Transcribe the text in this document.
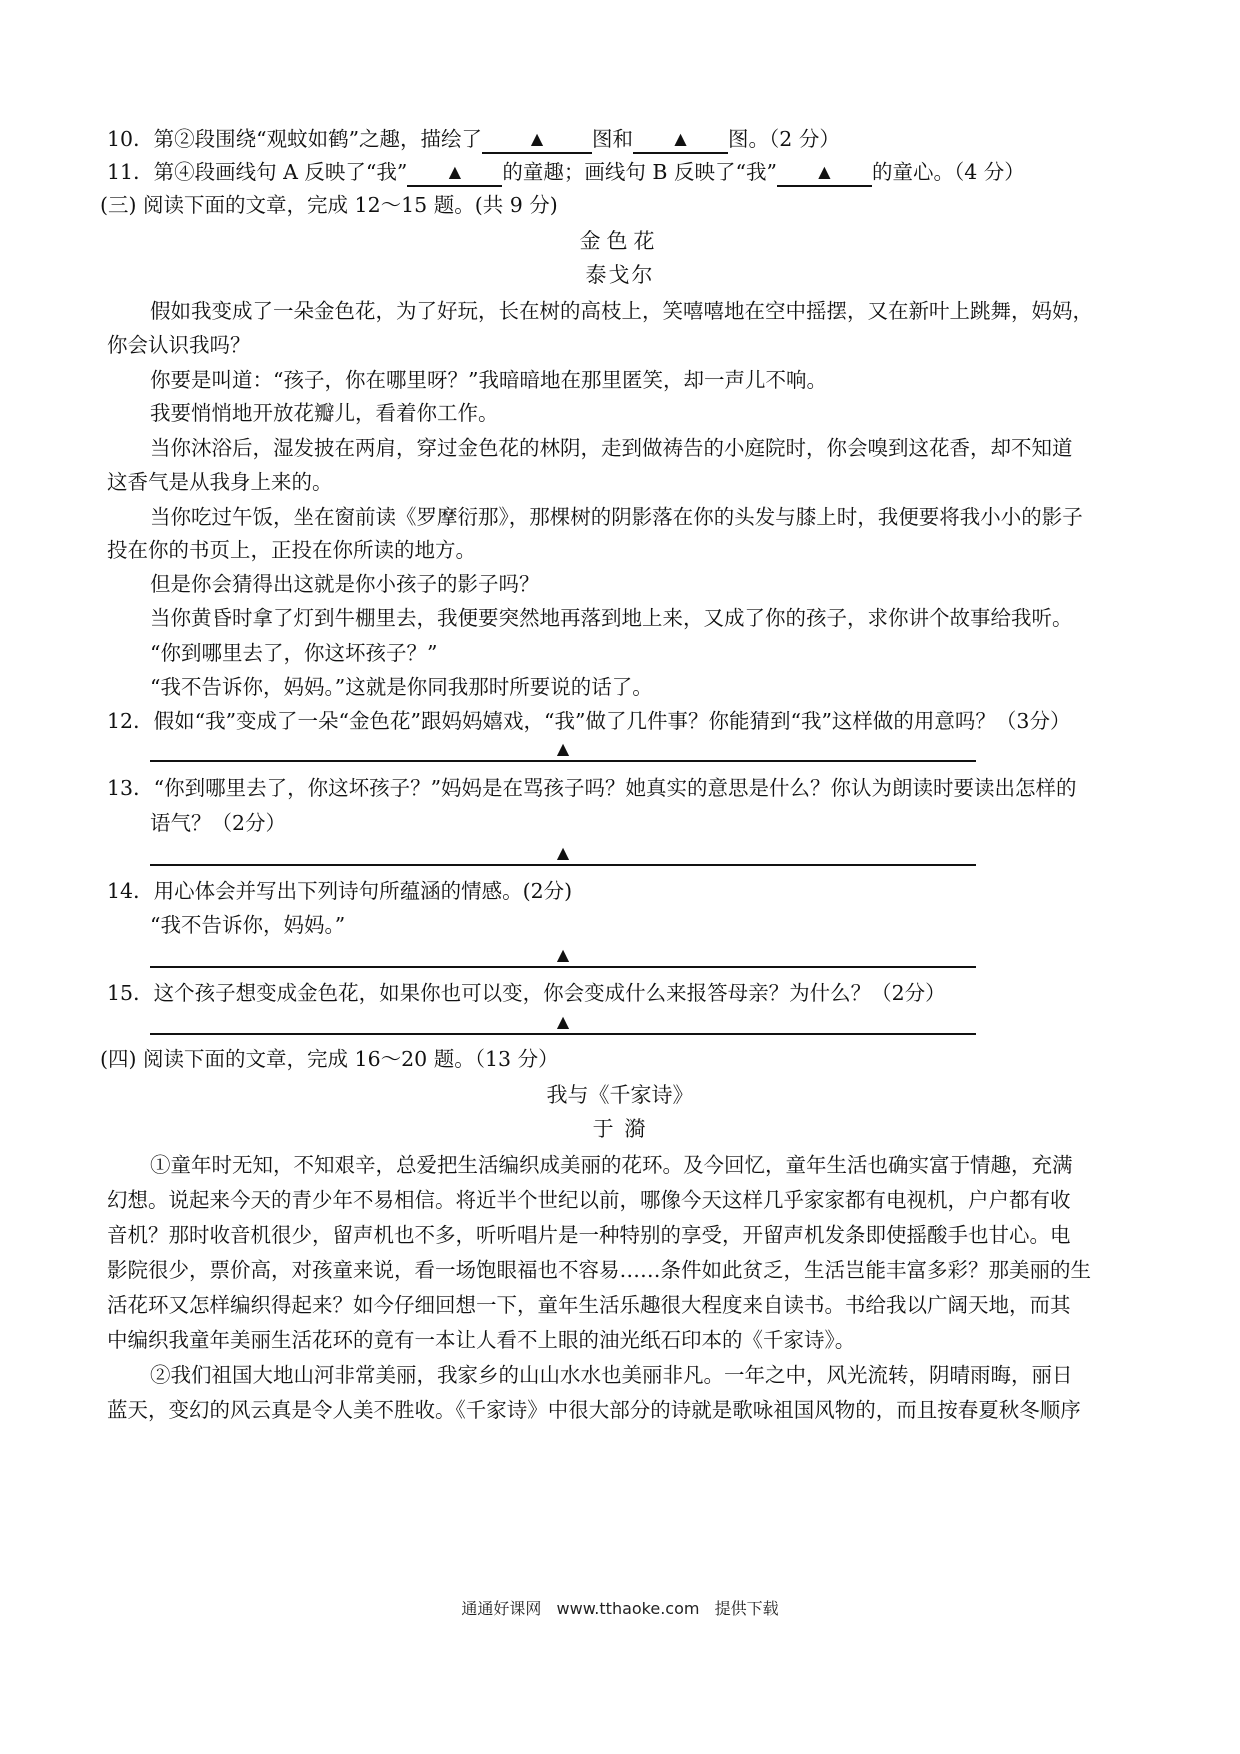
10．第②段围绕“观蚊如鹤”之趣，描绘了	▲ 图和	▲ 图。（2 分）
11．第④段画线句 A 反映了“我”	▲ 的童趣；画线句 B 反映了“我”	▲ 的童心。（4 分）
(三) 阅读下面的文章，完成 12～15 题。(共 9 分)
金色花
泰戈尔
假如我变成了一朵金色花，为了好玩，长在树的高枝上，笑嘻嘻地在空中摇摆，又在新叶上跳舞，妈妈，
你会认识我吗？
你要是叫道：“孩子，你在哪里呀？”我暗暗地在那里匿笑，却一声儿不响。
我要悄悄地开放花瓣儿，看着你工作。
当你沐浴后，湿发披在两肩，穿过金色花的林阴，走到做祷告的小庭院时，你会嗅到这花香，却不知道
这香气是从我身上来的。
当你吃过午饭，坐在窗前读《罗摩衍那》，那棵树的阴影落在你的头发与膝上时，我便要将我小小的影子
投在你的书页上，正投在你所读的地方。
但是你会猜得出这就是你小孩子的影子吗？
当你黄昏时拿了灯到牛棚里去，我便要突然地再落到地上来，又成了你的孩子，求你讲个故事给我听。
“你到哪里去了，你这坏孩子？”
“我不告诉你，妈妈。”这就是你同我那时所要说的话了。
12．假如“我”变成了一朵“金色花”跟妈妈嬉戏，“我”做了几件事？你能猜到“我”这样做的用意吗？（3分）
▲
13．“你到哪里去了，你这坏孩子？”妈妈是在骂孩子吗？她真实的意思是什么？你认为朗读时要读出怎样的
语气？（2分）
▲
14．用心体会并写出下列诗句所蕴涵的情感。(2分)
“我不告诉你，妈妈。”
▲
15．这个孩子想变成金色花，如果你也可以变，你会变成什么来报答母亲？为什么？（2分）
▲
(四) 阅读下面的文章，完成 16～20 题。（13 分）
我与《千家诗》
于 漪
①童年时无知，不知艰辛，总爱把生活编织成美丽的花环。及今回忆，童年生活也确实富于情趣，充满
幻想。说起来今天的青少年不易相信。将近半个世纪以前，哪像今天这样几乎家家都有电视机，户户都有收
音机？那时收音机很少，留声机也不多，听听唱片是一种特别的享受，开留声机发条即使摇酸手也甘心。电
影院很少，票价高，对孩童来说，看一场饱眼福也不容易……条件如此贫乏，生活岂能丰富多彩？那美丽的生
活花环又怎样编织得起来？如今仔细回想一下，童年生活乐趣很大程度来自读书。书给我以广阔天地，而其
中编织我童年美丽生活花环的竟有一本让人看不上眼的油光纸石印本的《千家诗》。
②我们祖国大地山河非常美丽，我家乡的山山水水也美丽非凡。一年之中，风光流转，阴晴雨晦，丽日
蓝天，变幻的风云真是令人美不胜收。《千家诗》中很大部分的诗就是歌咏祖国风物的，而且按春夏秋冬顺序
通通好课网 www.tthaoke.com 提供下载
